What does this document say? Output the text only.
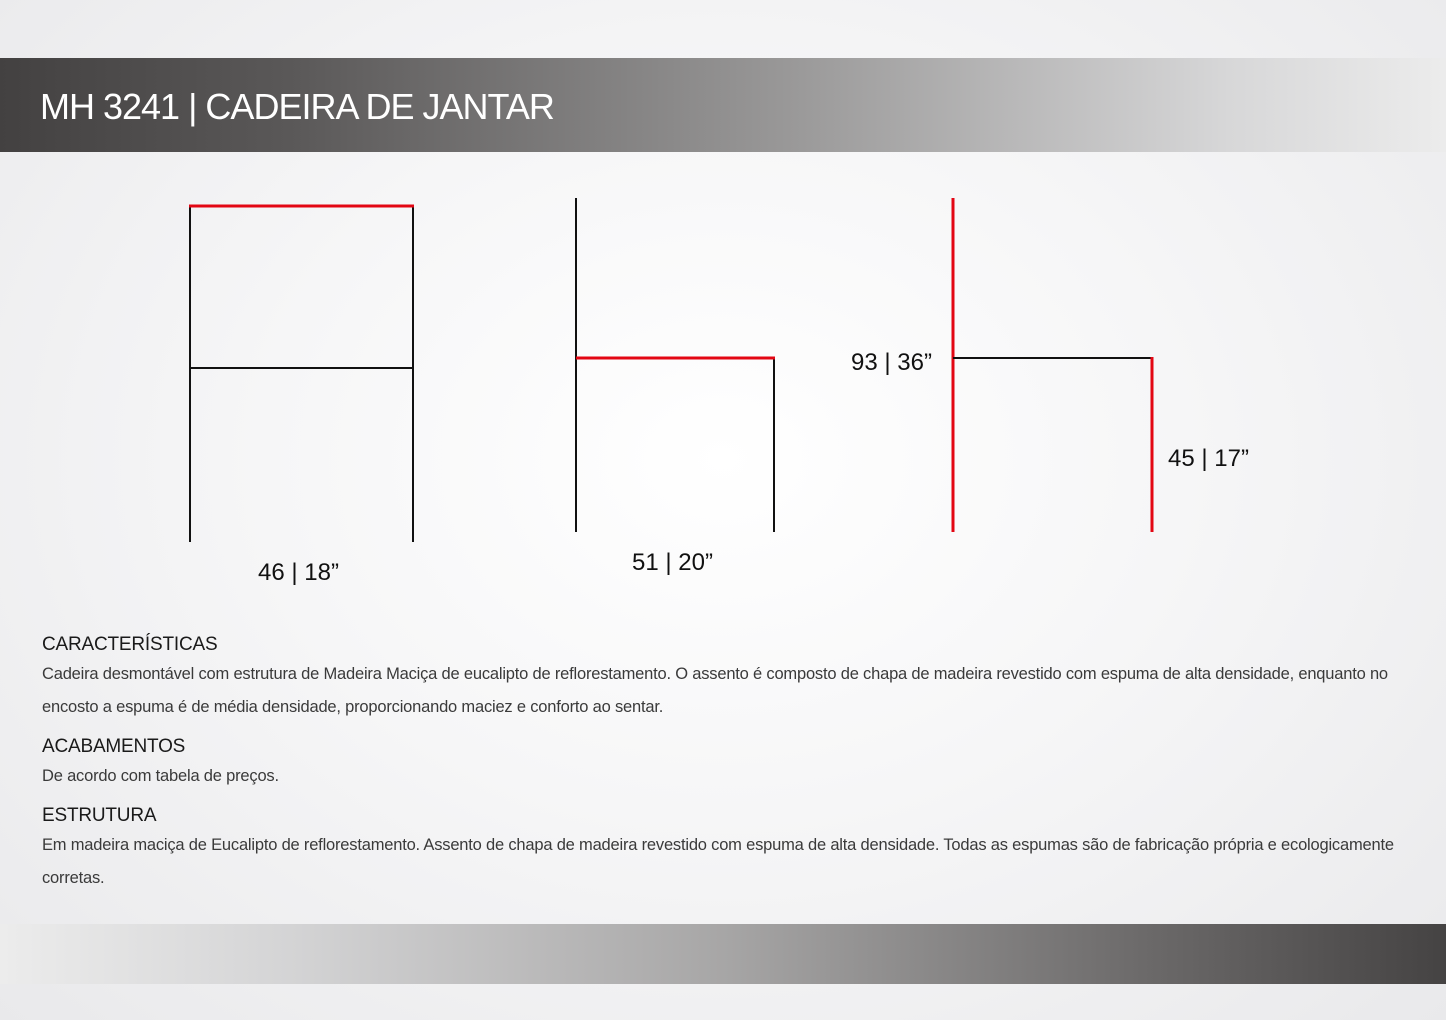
MH 3241 | CADEIRA DE JANTAR
46 | 18”	51 | 20”
93 | 36”
45 | 17”

CARACTERÍSTICAS

Cadeira desmontável com estrutura de Madeira Maciça de eucalipto de reflorestamento. O assento é composto de chapa de madeira revestido com espuma de alta densidade, enquanto no encosto a espuma é de média densidade, proporcionando maciez e conforto ao sentar.

ACABAMENTOS

De acordo com tabela de preços.

ESTRUTURA

Em madeira maciça de Eucalipto de reflorestamento. Assento de chapa de madeira revestido com espuma de alta densidade. Todas as espumas são de fabricação própria e ecologicamente corretas.
